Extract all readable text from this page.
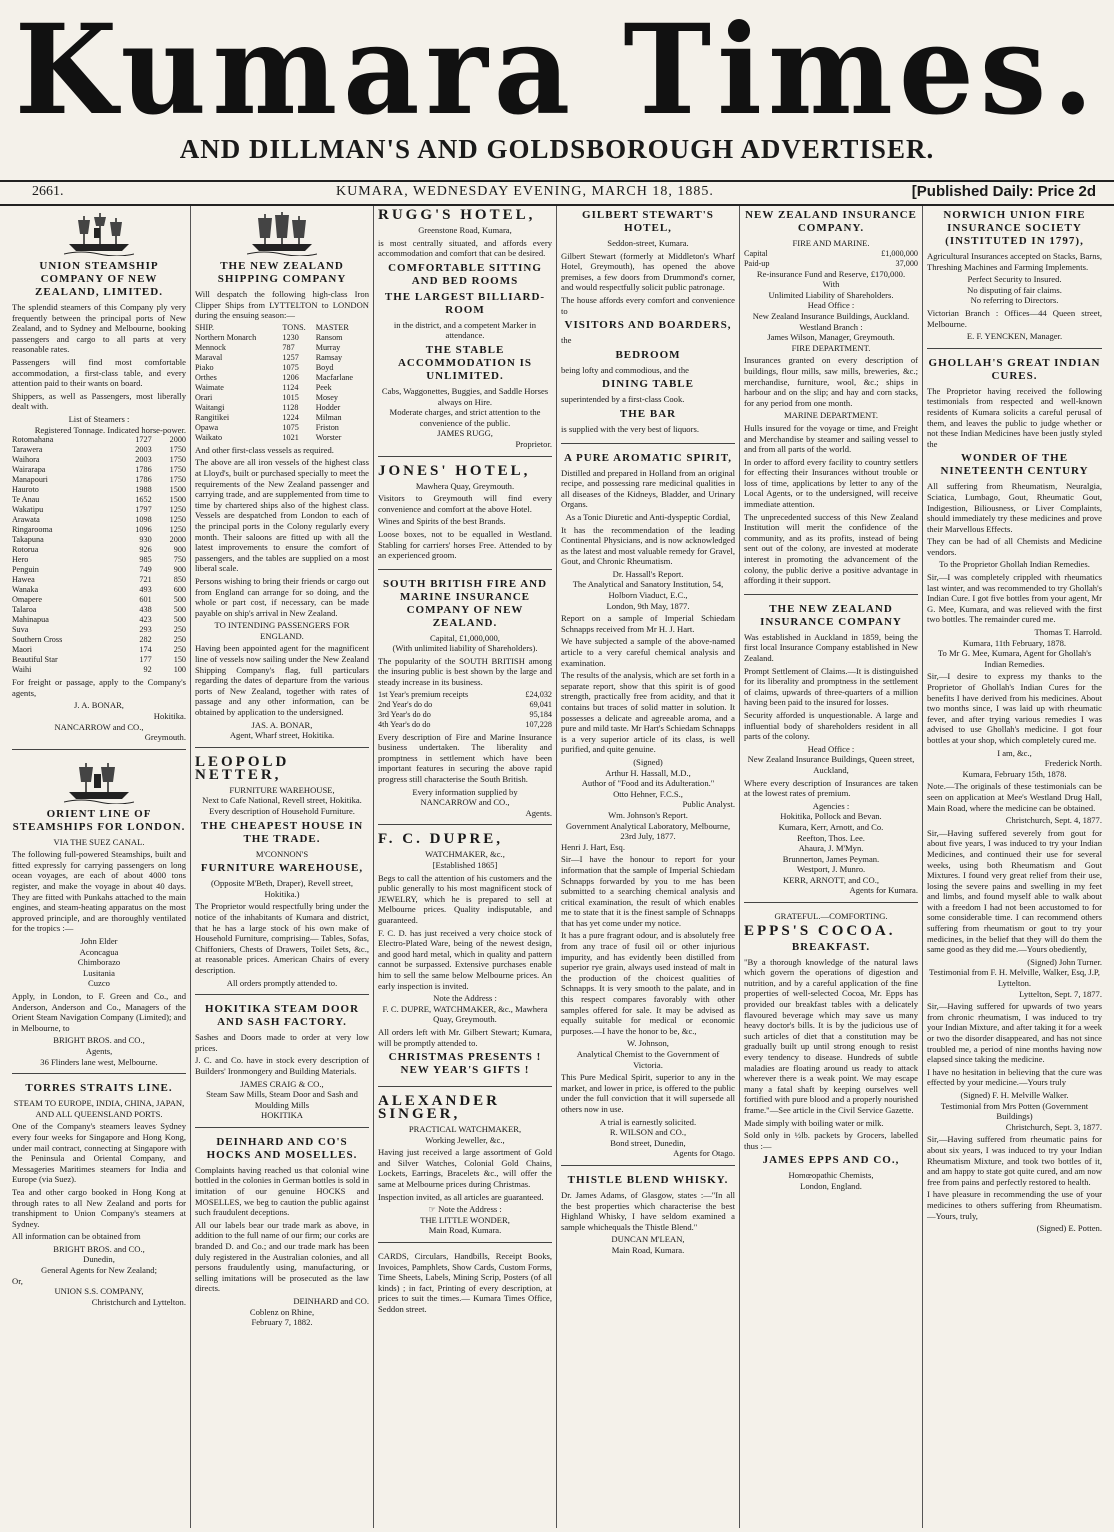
Kumara Times.
AND DILLMAN'S AND GOLDSBOROUGH ADVERTISER.
2661.	KUMARA, WEDNESDAY EVENING, MARCH 18, 1885.	[Published Daily: Price 2d
UNION STEAMSHIP COMPANY OF NEW ZEALAND, LIMITED.
The splendid steamers of this Company ply very frequently between the principal ports of New Zealand, and to Sydney and Melbourne, booking passengers and cargo to all parts at very reasonable rates.
Passengers will find most comfortable accommodation, a first-class table, and every attention paid to their wants on board.
Shippers, as well as Passengers, most liberally dealt with.
List of Steamers :
Registered Tonnage. Indicated horse-power.
Rotomahana	1727	2000
Tarawera	2003	1750
Waihora	2003	1750
Wairarapa	1786	1750
Manapouri	1786	1750
Hauroto	1988	1500
Te Anau	1652	1500
Wakatipu	1797	1250
Arawata	1098	1250
Ringarooma	1096	1250
Takapuna	930	2000
Rotorua	926	900
Hero	985	750
Penguin	749	900
Hawea	721	850
Wanaka	493	600
Omapere	601	500
Talaroa	438	500
Mahinapua	423	500
Suva	293	250
Southern Cross	282	250
Maori	174	250
Beautiful Star	177	150
Waihi	92	100
For freight or passage, apply to the Company's agents,
J. A. BONAR,
Hokitika.
NANCARROW and CO.,
Greymouth.
ORIENT LINE OF STEAMSHIPS FOR LONDON.
VIA THE SUEZ CANAL.
The following full-powered Steamships, built and fitted expressly for carrying passengers on long ocean voyages, are each of about 4000 tons register, and make the voyage in about 40 days. They are fitted with Punkahs attached to the main engines, and steam-heating apparatus on the most approved principle, and are thoroughly ventilated for the tropics :—
John Elder
Aconcagua
Chimborazo
Lusitania
Cuzco
Apply, in London, to F. Green and Co., and Anderson, Anderson and Co., Managers of the Orient Steam Navigation Company (Limited); and in Melbourne, to
BRIGHT BROS. and CO.,
Agents,
36 Flinders lane west, Melbourne.
TORRES STRAITS LINE.
STEAM TO EUROPE, INDIA, CHINA, JAPAN,
AND ALL QUEENSLAND PORTS.
One of the Company's steamers leaves Sydney every four weeks for Singapore and Hong Kong, under mail contract, connecting at Singapore with the Peninsula and Oriental Company, and Messageries Maritimes steamers for India and Europe (via Suez).
Tea and other cargo booked in Hong Kong at through rates to all New Zealand and ports for transhipment to Union Company's steamers at Sydney.
All information can be obtained from
BRIGHT BROS. and CO.,
Dunedin,
General Agents for New Zealand;
Or,
UNION S.S. COMPANY,
Christchurch and Lyttelton.
THE NEW ZEALAND SHIPPING COMPANY
Will despatch the following high-class Iron Clipper Ships from LYTTELTON to LONDON during the ensuing season:—
SHIP.	TONS.	MASTER
Northern Monarch	1230	Ransom
Mennock	787	Murray
Maraval	1257	Ramsay
Piako	1075	Boyd
Orthes	1206	Macfarlane
Waimate	1124	Peek
Orari	1015	Mosey
Waitangi	1128	Hodder
Rangitikei	1224	Milman
Opawa	1075	Friston
Waikato	1021	Worster
And other first-class vessels as required.
The above are all iron vessels of the highest class at Lloyd's, built or purchased specially to meet the requirements of the New Zealand passenger and carrying trade, and are supplemented from time to time by chartered ships also of the highest class. Vessels are despatched from London to each of the principal ports in the Colony regularly every month. Their saloons are fitted up with all the latest improvements to ensure the comfort of passengers, and the tables are supplied on a most liberal scale.
Persons wishing to bring their friends or cargo out from England can arrange for so doing, and the whole or part cost, if necessary, can be made payable on ship's arrival in New Zealand.
TO INTENDING PASSENGERS FOR ENGLAND.
Having been appointed agent for the magnificent line of vessels now sailing under the New Zealand Shipping Company's flag, full particulars regarding the dates of departure from the various ports of New Zealand, together with rates of passage and any other information, can be obtained by application to the undersigned.
JAS. A. BONAR,
Agent, Wharf street, Hokitika.
LEOPOLD NETTER,
FURNITURE WAREHOUSE,
Next to Cafe National, Revell street, Hokitika.
Every description of Household Furniture.
THE CHEAPEST HOUSE IN THE TRADE.
M'CONNON'S
FURNITURE WAREHOUSE,
(Opposite M'Beth, Draper), Revell street, Hokitika.)
The Proprietor would respectfully bring under the notice of the inhabitants of Kumara and district, that he has a large stock of his own make of Household Furniture, comprising— Tables, Sofas, Chiffoniers, Chests of Drawers, Toilet Sets, &c., at reasonable prices. American Chairs of every description.
All orders promptly attended to.
HOKITIKA STEAM DOOR AND SASH FACTORY.
Sashes and Doors made to order at very low prices.
J. C. and Co. have in stock every description of Builders' Ironmongery and Building Materials.
JAMES CRAIG & CO.,
Steam Saw Mills, Steam Door and Sash and Moulding Mills
HOKITIKA
DEINHARD AND CO'S HOCKS AND MOSELLES.
Complaints having reached us that colonial wine bottled in the colonies in German bottles is sold in imitation of our genuine HOCKS and MOSELLES, we beg to caution the public against such fraudulent deceptions.
All our labels bear our trade mark as above, in addition to the full name of our firm; our corks are branded D. and Co.; and our trade mark has been duly registered in the Australian colonies, and all persons fraudulently using, manufacturing, or selling imitations will be prosecuted as the law directs.
DEINHARD and CO.
Coblenz on Rhine,
February 7, 1882.
RUGG'S HOTEL,
Greenstone Road, Kumara,
is most centrally situated, and affords every accommodation and comfort that can be desired.
COMFORTABLE SITTING AND BED ROOMS
THE LARGEST BILLIARD-ROOM
in the district, and a competent Marker in attendance.
THE STABLE ACCOMMODATION IS UNLIMITED.
Cabs, Waggonettes, Buggies, and Saddle Horses always on Hire.
Moderate charges, and strict attention to the convenience of the public.
JAMES RUGG,
Proprietor.
JONES' HOTEL,
Mawhera Quay, Greymouth.
Visitors to Greymouth will find every convenience and comfort at the above Hotel.
Wines and Spirits of the best Brands.
Loose boxes, not to be equalled in Westland. Stabling for carriers' horses Free. Attended to by an experienced groom.
SOUTH BRITISH FIRE AND MARINE INSURANCE COMPANY OF NEW ZEALAND.
Capital, £1,000,000,
(With unlimited liability of Shareholders).
The popularity of the SOUTH BRITISH among the insuring public is best shown by the large and steady increase in its business.
1st Year's premium receipts	£24,032
2nd Year's do do	69,041
3rd Year's do do	95,184
4th Year's do do	107,228
Every description of Fire and Marine Insurance business undertaken. The liberality and promptness in settlement which have been important features in securing the above rapid progress still characterise the South British.
Every information supplied by
NANCARROW and CO.,
Agents.
F. C. DUPRE,
WATCHMAKER, &c.,
[Established 1865]
Begs to call the attention of his customers and the public generally to his most magnificent stock of JEWELRY, which he is prepared to sell at Melbourne prices. Quality indisputable, and guaranteed.
F. C. D. has just received a very choice stock of Electro-Plated Ware, being of the newest design, and good hard metal, which in quality and pattern cannot be surpassed. Extensive purchases enable him to sell the same below Melbourne prices. An early inspection is invited.
Note the Address :
F. C. DUPRE, WATCHMAKER, &c., Mawhera Quay, Greymouth.
All orders left with Mr. Gilbert Stewart; Kumara, will be promptly attended to.
CHRISTMAS PRESENTS ! NEW YEAR'S GIFTS !
ALEXANDER SINGER,
PRACTICAL WATCHMAKER,
Working Jeweller, &c.,
Having just received a large assortment of Gold and Silver Watches, Colonial Gold Chains, Lockets, Earrings, Bracelets &c., will offer the same at Melbourne prices during Christmas.
Inspection invited, as all articles are guaranteed.
☞ Note the Address :
THE LITTLE WONDER,
Main Road, Kumara.
CARDS, Circulars, Handbills, Receipt Books, Invoices, Pamphlets, Show Cards, Custom Forms, Time Sheets, Labels, Mining Scrip, Posters (of all kinds) ; in fact, Printing of every description, at prices to suit the times.— Kumara Times Office, Seddon street.
GILBERT STEWART'S HOTEL,
Seddon-street, Kumara.
Gilbert Stewart (formerly at Middleton's Wharf Hotel, Greymouth), has opened the above premises, a few doors from Drummond's corner, and would respectfully solicit public patronage.
The house affords every comfort and convenience to
VISITORS AND BOARDERS,
the
BEDROOM
being lofty and commodious, and the
DINING TABLE
superintended by a first-class Cook.
THE BAR
is supplied with the very best of liquors.
A PURE AROMATIC SPIRIT,
Distilled and prepared in Holland from an original recipe, and possessing rare medicinal qualities in all diseases of the Kidneys, Bladder, and Urinary Organs.
As a Tonic Diuretic and Anti-dyspeptic Cordial,
It has the recommendation of the leading Continental Physicians, and is now acknowledged as the latest and most valuable remedy for Gravel, Gout, and Chronic Rheumatism.
Dr. Hassall's Report.
The Analytical and Sanatory Institution, 54, Holborn Viaduct, E.C.,
London, 9th May, 1877.
Report on a sample of Imperial Schiedam Schnapps received from Mr H. J. Hart.
We have subjected a sample of the above-named article to a very careful chemical analysis and examination.
The results of the analysis, which are set forth in a separate report, show that this spirit is of good strength, practically free from acidity, and that it contains but traces of solid matter in solution. It possesses a delicate and agreeable aroma, and a pure and mild taste. Mr Hart's Schiedam Schnapps is a very superior article of its class, is well purified, and quite genuine.
(Signed)
Arthur H. Hassall, M.D.,
Author of "Food and its Adulteration."
Otto Hehner, F.C.S.,
Public Analyst.
Wm. Johnson's Report.
Government Analytical Laboratory, Melbourne, 23rd July, 1877.
Henri J. Hart, Esq.
Sir—I have the honour to report for your information that the sample of Imperial Schiedam Schnapps forwarded by you to me has been submitted to a searching chemical analysis and critical examination, the result of which enables me to state that it is the finest sample of Schnapps that has yet come under my notice.
It has a pure fragrant odour, and is absolutely free from any trace of fusil oil or other injurious impurity, and has evidently been distilled from superior rye grain, always used instead of malt in the production of the choicest qualities of Schnapps. It is very smooth to the palate, and in this respect compares favorably with other samples offered for sale. It may be advised as equally suitable for medical or economic purposes.—I have the honor to be, &c.,
W. Johnson,
Analytical Chemist to the Government of Victoria.
This Pure Medical Spirit, superior to any in the market, and lower in price, is offered to the public under the full conviction that it will supersede all others now in use.
A trial is earnestly solicited.
R. WILSON and CO.,
Bond street, Dunedin,
Agents for Otago.
THISTLE BLEND WHISKY.
Dr. James Adams, of Glasgow, states :—"In all the best properties which characterise the best Highland Whisky, I have seldom examined a sample whichequals the Thistle Blend."
DUNCAN M'LEAN,
Main Road, Kumara.
NEW ZEALAND INSURANCE COMPANY.
FIRE AND MARINE.
Capital	£1,000,000
Paid-up	37,000
Re-insurance Fund and Reserve, £170,000.
With
Unlimited Liability of Shareholders.
Head Office :
New Zealand Insurance Buildings, Auckland.
Westland Branch :
James Wilson, Manager, Greymouth.
FIRE DEPARTMENT.
Insurances granted on every description of buildings, flour mills, saw mills, breweries, &c.; merchandise, furniture, wool, &c.; ships in harbour and on the slip; and hay and corn stacks, for any period from one month.
MARINE DEPARTMENT.
Hulls insured for the voyage or time, and Freight and Merchandise by steamer and sailing vessel to and from all parts of the world.
In order to afford every facility to country settlers for effecting their Insurances without trouble or loss of time, applications by letter to any of the Local Agents, or to the undersigned, will receive immediate attention.
The unprecedented success of this New Zealand Institution will merit the confidence of the community, and as its profits, instead of being sent out of the colony, are invested at moderate interest in promoting the advancement of the colony, the public derive a positive advantage in affording it their support.
THE NEW ZEALAND INSURANCE COMPANY
Was established in Auckland in 1859, being the first local Insurance Company established in New Zealand.
Prompt Settlement of Claims.—It is distinguished for its liberality and promptness in the settlement of claims, upwards of three-quarters of a million having been paid to the insured for losses.
Security afforded is unquestionable. A large and influential body of shareholders resident in all parts of the colony.
Head Office :
New Zealand Insurance Buildings, Queen street, Auckland,
Where every description of Insurances are taken at the lowest rates of premium.
Agencies :
Hokitika, Pollock and Bevan.
Kumara, Kerr, Arnott, and Co.
Reefton, Thos. Lee.
Ahaura, J. M'Myn.
Brunnerton, James Peyman.
Westport, J. Munro.
KERR, ARNOTT, and CO.,
Agents for Kumara.
GRATEFUL.—COMFORTING.
EPPS'S COCOA.
BREAKFAST.
"By a thorough knowledge of the natural laws which govern the operations of digestion and nutrition, and by a careful application of the fine properties of well-selected Cocoa, Mr. Epps has provided our breakfast tables with a delicately flavoured beverage which may save us many heavy doctor's bills. It is by the judicious use of such articles of diet that a constitution may be gradually built up until strong enough to resist every tendency to disease. Hundreds of subtle maladies are floating around us ready to attack wherever there is a weak point. We may escape many a fatal shaft by keeping ourselves well fortified with pure blood and a properly nourished frame."—See article in the Civil Service Gazette.
Made simply with boiling water or milk.
Sold only in ½lb. packets by Grocers, labelled thus :—
JAMES EPPS AND CO.,
Homœopathic Chemists,
London, England.
NORWICH UNION FIRE INSURANCE SOCIETY (INSTITUTED IN 1797),
Agricultural Insurances accepted on Stacks, Barns, Threshing Machines and Farming Implements.
Perfect Security to Insured.
No disputing of fair claims.
No referring to Directors.
Victorian Branch : Offices—44 Queen street, Melbourne.
E. F. YENCKEN, Manager.
GHOLLAH'S GREAT INDIAN CURES.
The Proprietor having received the following testimonials from respected and well-known residents of Kumara solicits a careful perusal of them, and leaves the public to judge whether or not these Indian Medicines have been justly styled the
WONDER OF THE NINETEENTH CENTURY
All suffering from Rheumatism, Neuralgia, Sciatica, Lumbago, Gout, Rheumatic Gout, Indigestion, Biliousness, or Liver Complaints, should immediately try these medicines and prove their Marvellous Effects.
They can be had of all Chemists and Medicine vendors.
To the Proprietor Ghollah Indian Remedies.
Sir,—I was completely crippled with rheumatics last winter, and was recommended to try Ghollah's Indian Cure. I got five bottles from your agent, Mr G. Mee, Kumara, and was relieved with the first two bottles. The remainder cured me.
Thomas T. Harrold.
Kumara, 11th February, 1878.
To Mr G. Mee, Kumara, Agent for Ghollah's Indian Remedies.
Sir,—I desire to express my thanks to the Proprietor of Ghollah's Indian Cures for the benefits I have derived from his medicines. About two months since, I was laid up with rheumatic fever, and after trying various remedies I was advised to use Ghollah's medicine. I got four bottles at your shop, which completely cured me.
I am, &c.,
Frederick North.
Kumara, February 15th, 1878.
Note.—The originals of these testimonials can be seen on application at Mee's Westland Drug Hall, Main Road, where the medicine can be obtained.
Christchurch, Sept. 4, 1877.
Sir,—Having suffered severely from gout for about five years, I was induced to try your Indian Medicines, and continued their use for several weeks, using both Rheumatism and Gout Mixtures. I found very great relief from their use, losing the severe pains and swelling in my feet and limbs, and found myself able to walk about with a freedom I had not been accustomed to for some considerable time. I can recommend others suffering from rheumatism or gout to try your medicines, in the belief that they will do them the same good as they did me.—Yours obediently,
(Signed) John Turner.
Testimonial from F. H. Melville, Walker, Esq, J.P, Lyttelton.
Lyttelton, Sept. 7, 1877.
Sir,—Having suffered for upwards of two years from chronic rheumatism, I was induced to try your Indian Mixture, and after taking it for a week or two the disorder disappeared, and has not since troubled me, a period of nine months having now elapsed since taking the medicine.
I have no hesitation in believing that the cure was effected by your medicine.—Yours truly
(Signed) F. H. Melville Walker.
Testimonial from Mrs Potten (Government Buildings)
Christchurch, Sept. 3, 1877.
Sir,—Having suffered from rheumatic pains for about six years, I was induced to try your Indian Rheumatism Mixture, and took two bottles of it, and am happy to state got quite cured, and am now free from pains and perfectly restored to health.
I have pleasure in recommending the use of your medicines to others suffering from Rheumatism.—Yours, truly,
(Signed) E. Potten.
